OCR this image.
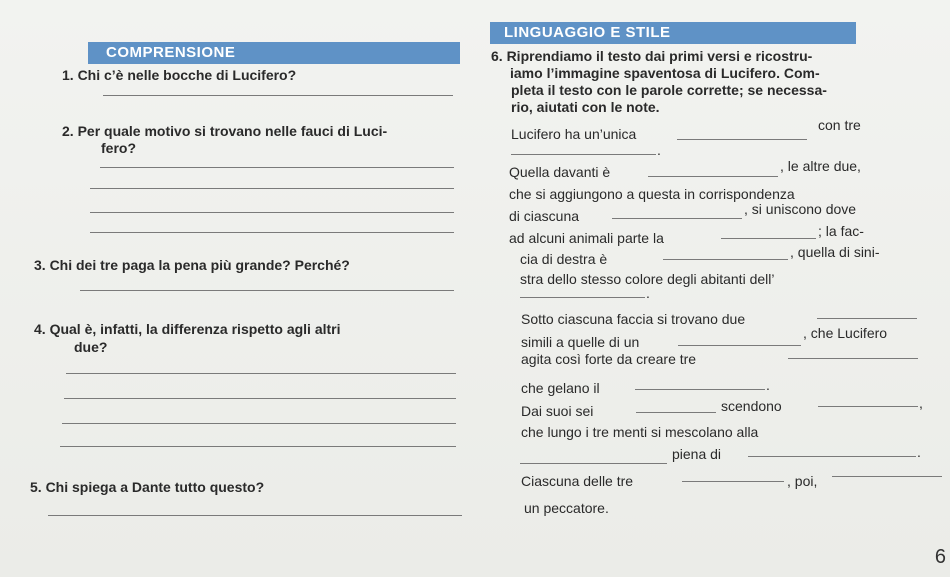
COMPRENSIONE
1. Chi c’è nelle bocche di Lucifero?
2. Per quale motivo si trovano nelle fauci di Luci-
fero?
3. Chi dei tre paga la pena più grande? Perché?
4. Qual è, infatti, la differenza rispetto agli altri
due?
5. Chi spiega a Dante tutto questo?
LINGUAGGIO E STILE
6. Riprendiamo il testo dai primi versi e ricostru-
iamo l’immagine spaventosa di Lucifero. Com-
pleta il testo con le parole corrette; se necessa-
rio, aiutati con le note.
Lucifero ha un’unica
con tre
.
Quella davanti è	, le altre due,
che si aggiungono a questa in corrispondenza
di ciascuna	, si uniscono dove
ad alcuni animali parte la	; la fac-
cia di destra è	, quella di sini-
stra dello stesso colore degli abitanti dell’
.
Sotto ciascuna faccia si trovano due
simili a quelle di un
, che Lucifero
agita così forte da creare tre
che gelano il	.
Dai suoi sei	scendono	,
che lungo i tre menti si mescolano alla
piena di	.
Ciascuna delle tre	, poi,
un peccatore.
6
